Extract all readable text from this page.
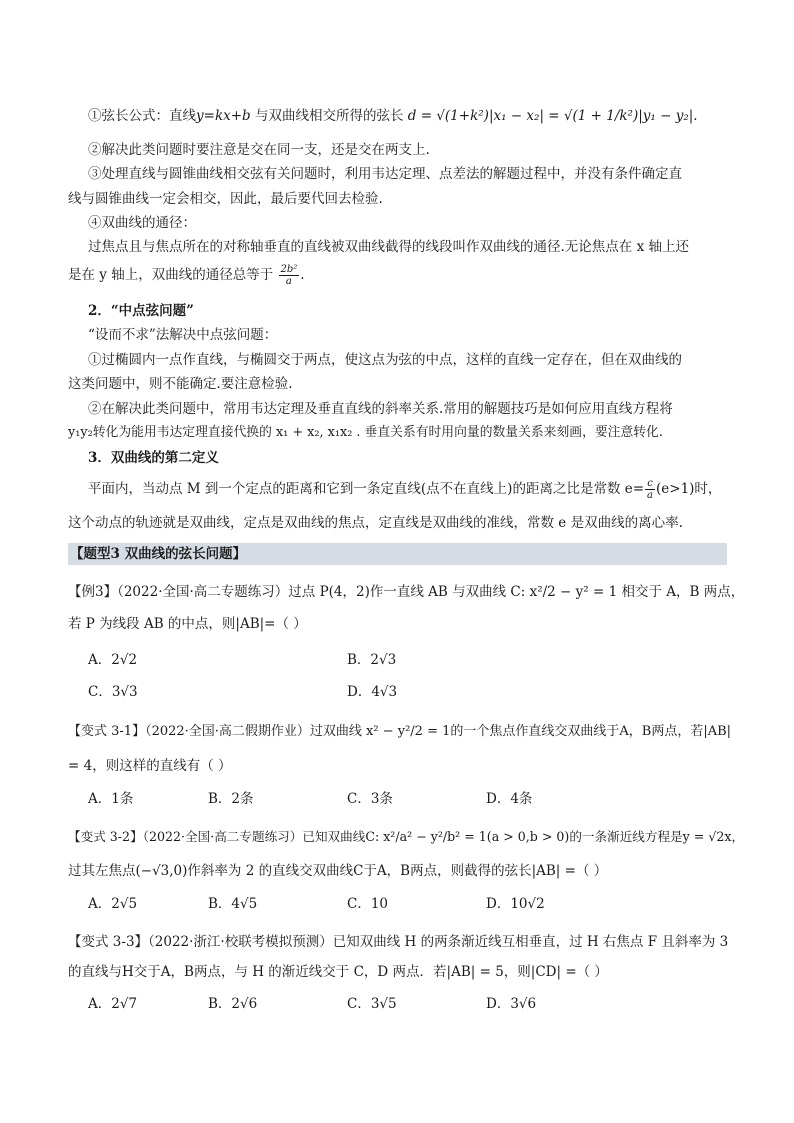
①弦长公式：直线y=kx+b 与双曲线相交所得的弦长 d = √(1+k²)|x₁ − x₂| = √(1 + 1/k²)|y₁ − y₂|.
②解决此类问题时要注意是交在同一支，还是交在两支上.
③处理直线与圆锥曲线相交弦有关问题时，利用韦达定理、点差法的解题过程中，并没有条件确定直
线与圆锥曲线一定会相交，因此，最后要代回去检验.
④双曲线的通径：
过焦点且与焦点所在的对称轴垂直的直线被双曲线截得的线段叫作双曲线的通径.无论焦点在 x 轴上还
是在 y 轴上，双曲线的通径总等于 $\frac{\text{2b²}}{a}$ .
2．“中点弦问题”
“设而不求”法解决中点弦问题：
①过椭圆内一点作直线，与椭圆交于两点，使这点为弦的中点，这样的直线一定存在，但在双曲线的
这类问题中，则不能确定.要注意检验.
②在解决此类问题中，常用韦达定理及垂直直线的斜率关系.常用的解题技巧是如何应用直线方程将
y₁y₂转化为能用韦达定理直接代换的 x₁ + x₂, x₁x₂ . 垂直关系有时用向量的数量关系来刻画，要注意转化.
3．双曲线的第二定义
平面内，当动点 M 到一个定点的距离和它到一条定直线(点不在直线上)的距离之比是常数 $e= \frac{c}{a} (e>1)$时，
这个动点的轨迹就是双曲线，定点是双曲线的焦点，定直线是双曲线的准线，常数 e 是双曲线的离心率.
【题型3 双曲线的弦长问题】
【例3】（2022·全国·高二专题练习）过点 P(4，2)作一直线 AB 与双曲线 C: x²/2 − y² = 1 相交于 A，B 两点，
若 P 为线段 AB 的中点，则|AB|=（ ）
A．2√2	B．2√3
C．3√3	D．4√3
【变式 3-1】（2022·全国·高二假期作业）过双曲线 x² − y²/2 = 1的一个焦点作直线交双曲线于A，B两点，若|AB|
= 4，则这样的直线有（ ）
A．1条	B．2条	C．3条	D．4条
【变式 3-2】（2022·全国·高二专题练习）已知双曲线C: x²/a² − y²/b² = 1(a > 0,b > 0)的一条渐近线方程是y = √2x，
过其左焦点(−√3,0)作斜率为 2 的直线交双曲线C于A，B两点，则截得的弦长|AB| =（ ）
A．2√5	B．4√5	C．10	D．10√2
【变式 3-3】（2022·浙江·校联考模拟预测）已知双曲线 H 的两条渐近线互相垂直，过 H 右焦点 F 且斜率为 3
的直线与H交于A，B两点，与 H 的渐近线交于 C，D 两点．若|AB| = 5，则|CD| =（ ）
A．2√7	B．2√6	C．3√5	D．3√6
